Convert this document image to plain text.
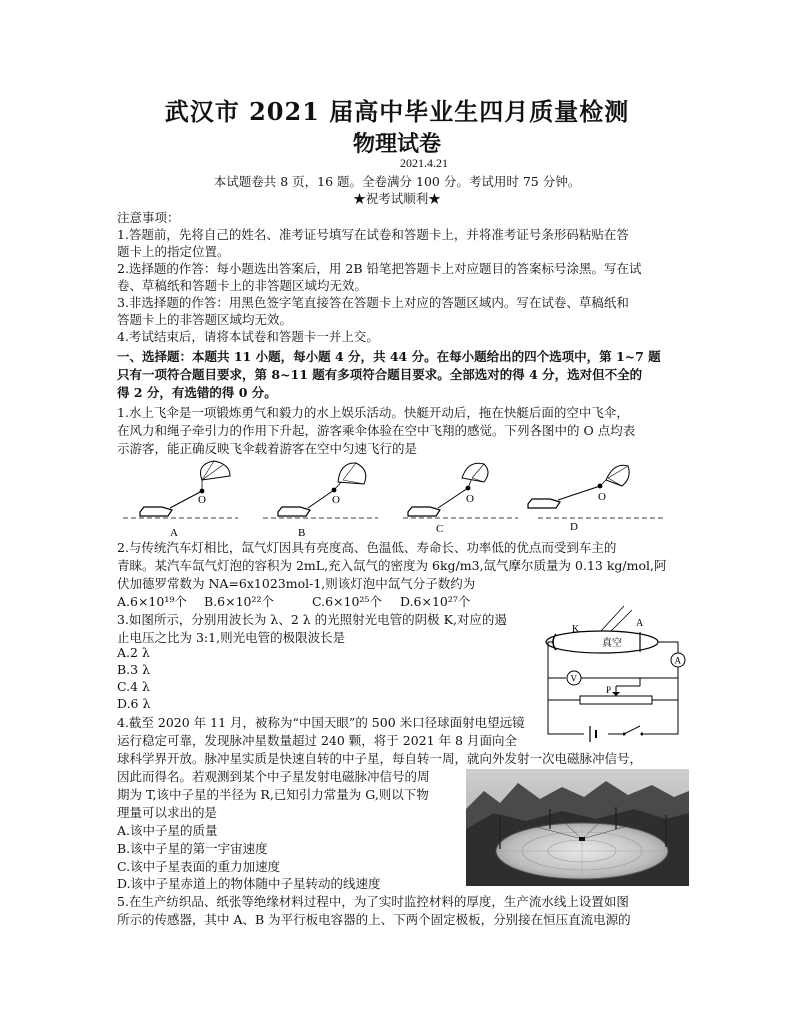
武汉市 2021 届高中毕业生四月质量检测
物理试卷
2021.4.21
本试题卷共 8 页，16 题。全卷满分 100 分。考试用时 75 分钟。
★祝考试顺利★
注意事项：
1.答题前，先将自己的姓名、准考证号填写在试卷和答题卡上，并将准考证号条形码粘贴在答
题卡上的指定位置。
2.选择题的作答：每小题选出答案后，用 2B 铅笔把答题卡上对应题目的答案标号涂黑。写在试
卷、草稿纸和答题卡上的非答题区域均无效。
3.非选择题的作答：用黑色签字笔直接答在答题卡上对应的答题区域内。写在试卷、草稿纸和
答题卡上的非答题区域均无效。
4.考试结束后，请将本试卷和答题卡一并上交。
一、选择题：本题共 11 小题，每小题 4 分，共 44 分。在每小题给出的四个选项中，第 1~7 题
只有一项符合题目要求，第 8~11 题有多项符合题目要求。全部选对的得 4 分，选对但不全的
得 2 分，有选错的得 0 分。
1.水上飞伞是一项锻炼勇气和毅力的水上娱乐活动。快艇开动后，拖在快艇后面的空中飞伞，
在风力和绳子牵引力的作用下升起，游客乘伞体验在空中飞翔的感觉。下列各图中的 O 点均表
示游客，能正确反映飞伞载着游客在空中匀速飞行的是
O
A
O
B
O
C
O
D
2.与传统汽车灯相比，氙气灯因具有亮度高、色温低、寿命长、功率低的优点而受到车主的
青睐。某汽车氙气灯泡的容积为 2mL,充入氙气的密度为 6kg/m3,氙气摩尔质量为 0.13 kg/mol,阿
伏加德罗常数为 NA=6x1023mol-1,则该灯泡中氙气分子数约为
A.6×10¹⁹个 B.6×10²²个	C.6×10²⁵个 D.6×10²⁷个
3.如图所示，分别用波长为 λ、2 λ 的光照射光电管的阴极 K,对应的遏
止电压之比为 3:1,则光电管的极限波长是
A.2 λ
B.3 λ
C.4 λ
D.6 λ
K
A
真空
A
V
P
4.截至 2020 年 11 月，被称为“中国天眼”的 500 米口径球面射电望远镜
运行稳定可靠，发现脉冲星数量超过 240 颗，将于 2021 年 8 月面向全
球科学界开放。脉冲星实质是快速自转的中子星，每自转一周，就向外发射一次电磁脉冲信号，
因此而得名。若观测到某个中子星发射电磁脉冲信号的周
期为 T,该中子星的半径为 R,已知引力常量为 G,则以下物
理量可以求出的是
A.该中子星的质量
B.该中子星的第一宇宙速度
C.该中子星表面的重力加速度
D.该中子星赤道上的物体随中子星转动的线速度
5.在生产纺织品、纸张等绝缘材料过程中，为了实时监控材料的厚度，生产流水线上设置如图
所示的传感器，其中 A、B 为平行板电容器的上、下两个固定极板，分别接在恒压直流电源的
